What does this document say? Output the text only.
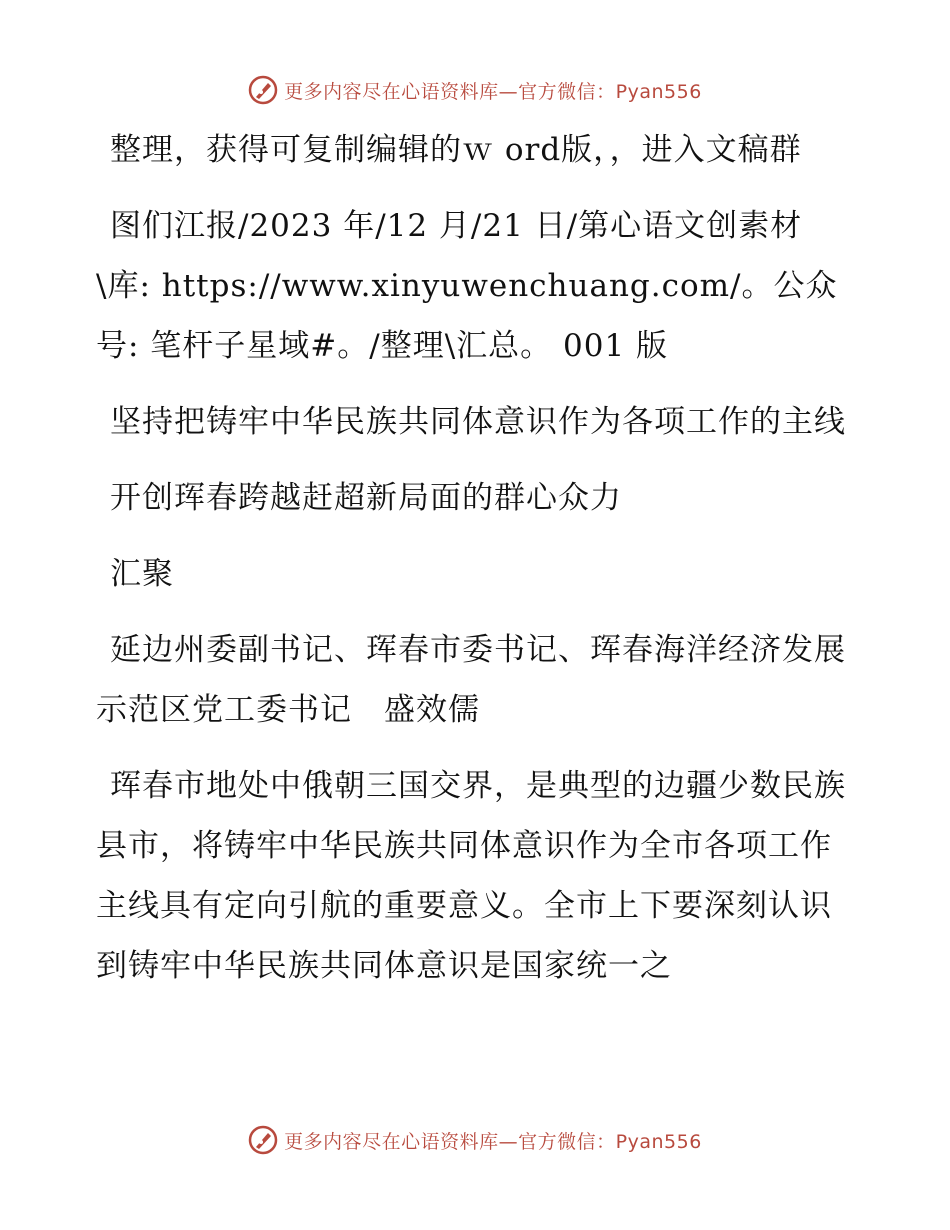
更多内容尽在心语资料库—官方微信：Pyan556

整理，获得可复制编辑的ｗ ord版，，进入文稿群

图们江报/2023 年/12 月/21 日/第心语文创素材\库: https://www.xinyuwenchuang.com/。公众号: 笔杆子星域#。/整理\汇总。 001 版

坚持把铸牢中华民族共同体意识作为各项工作的主线

开创珲春跨越赶超新局面的群心众力

汇聚

延边州委副书记、珲春市委书记、珲春海洋经济发展示范区党工委书记　盛效儒

珲春市地处中俄朝三国交界，是典型的边疆少数民族县市，将铸牢中华民族共同体意识作为全市各项工作主线具有定向引航的重要意义。全市上下要深刻认识到铸牢中华民族共同体意识是国家统一之

更多内容尽在心语资料库—官方微信：Pyan556
